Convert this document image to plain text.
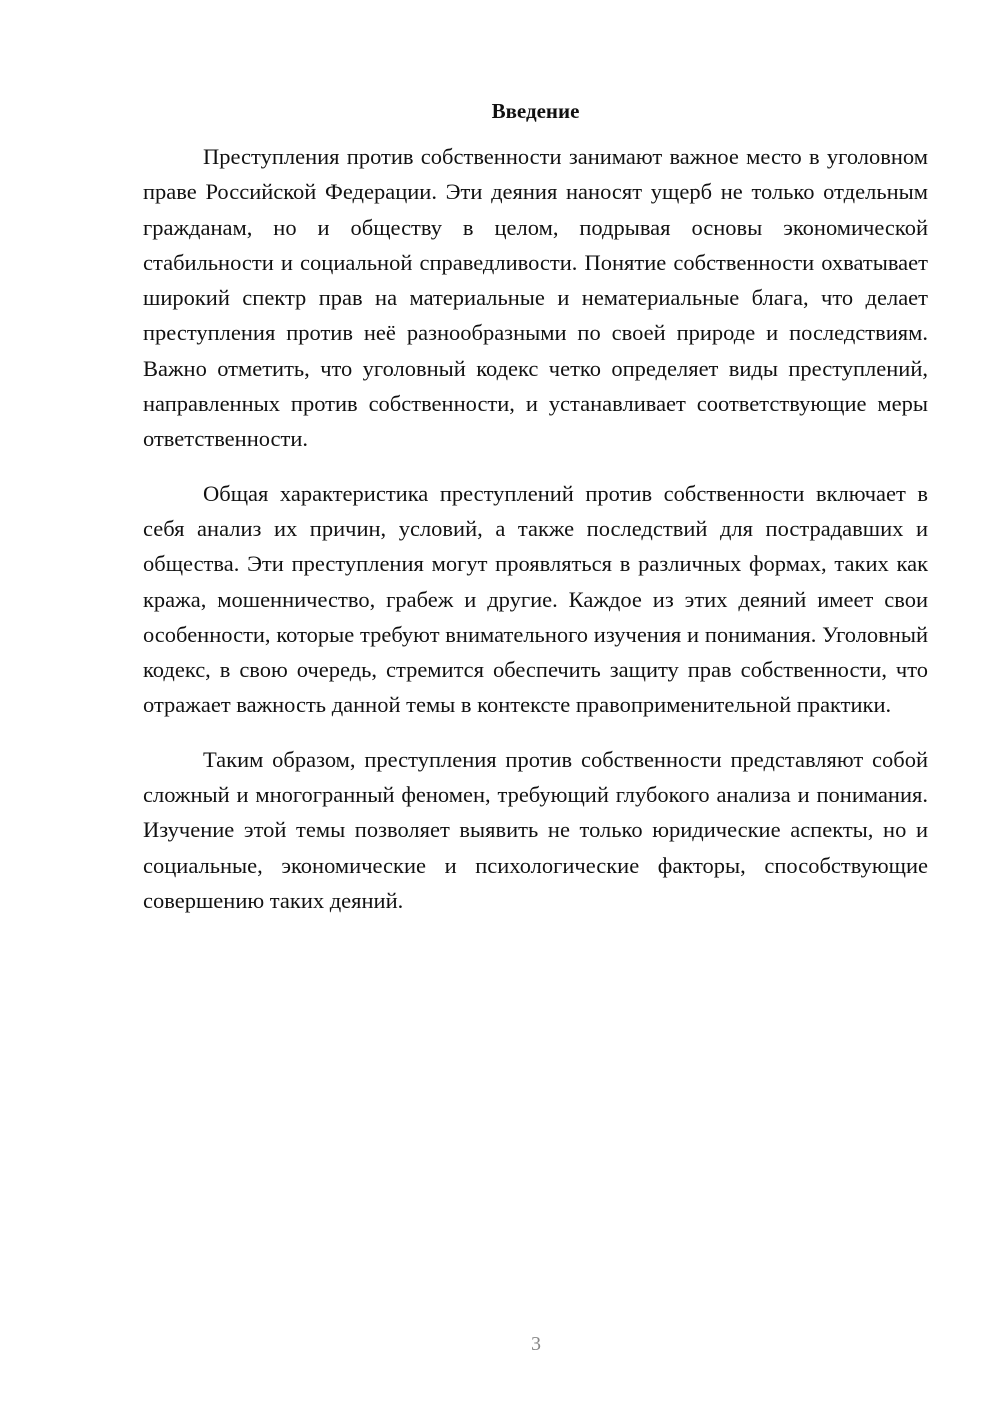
Введение

Преступления против собственности занимают важное место в уголовном праве Российской Федерации. Эти деяния наносят ущерб не только отдельным гражданам, но и обществу в целом, подрывая основы экономической стабильности и социальной справедливости. Понятие собственности охватывает широкий спектр прав на материальные и нематериальные блага, что делает преступления против неё разнообразными по своей природе и последствиям. Важно отметить, что уголовный кодекс четко определяет виды преступлений, направленных против собственности, и устанавливает соответствующие меры ответственности.

Общая характеристика преступлений против собственности включает в себя анализ их причин, условий, а также последствий для пострадавших и общества. Эти преступления могут проявляться в различных формах, таких как кража, мошенничество, грабеж и другие. Каждое из этих деяний имеет свои особенности, которые требуют внимательного изучения и понимания. Уголовный кодекс, в свою очередь, стремится обеспечить защиту прав собственности, что отражает важность данной темы в контексте правоприменительной практики.

Таким образом, преступления против собственности представляют собой сложный и многогранный феномен, требующий глубокого анализа и понимания. Изучение этой темы позволяет выявить не только юридические аспекты, но и социальные, экономические и психологические факторы, способствующие совершению таких деяний.

3
